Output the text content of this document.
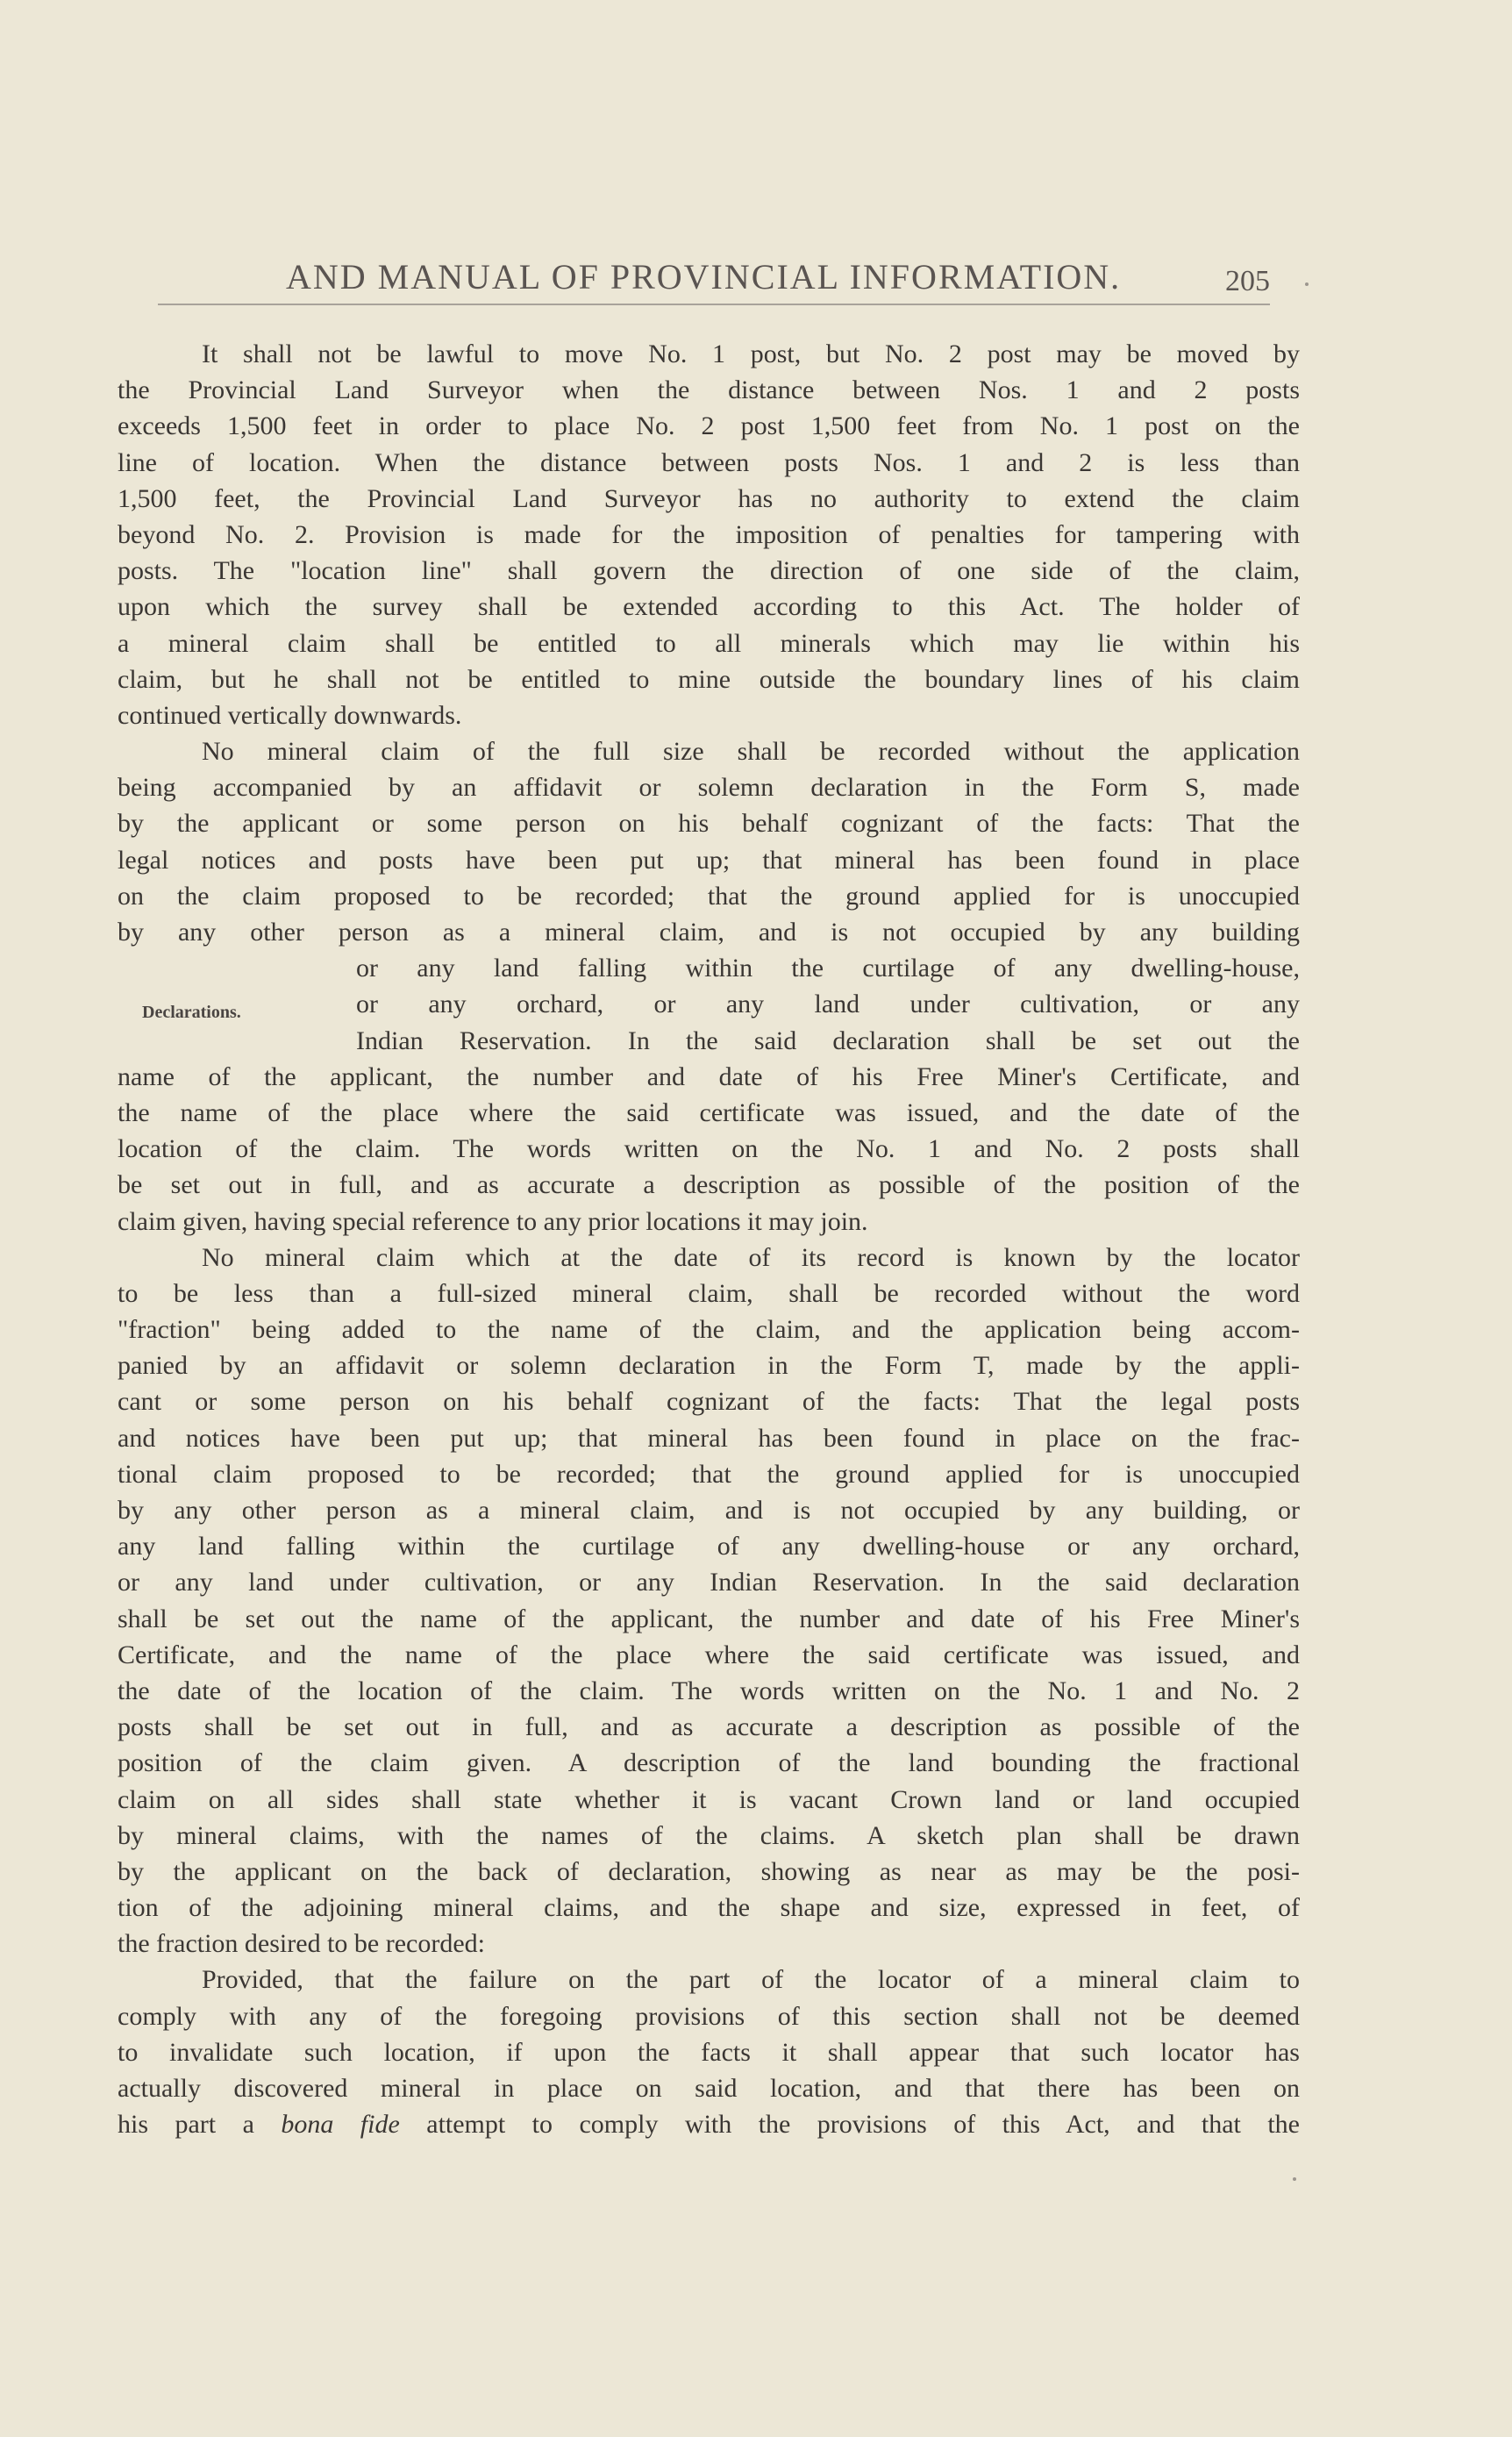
AND MANUAL OF PROVINCIAL INFORMATION.	205
Declarations.
It shall not be lawful to move No. 1 post, but No. 2 post may be moved by
the Provincial Land Surveyor when the distance between Nos. 1 and 2 posts
exceeds 1,500 feet in order to place No. 2 post 1,500 feet from No. 1 post on the
line of location. When the distance between posts Nos. 1 and 2 is less than
1,500 feet, the Provincial Land Surveyor has no authority to extend the claim
beyond No. 2. Provision is made for the imposition of penalties for tampering with
posts. The "location line" shall govern the direction of one side of the claim,
upon which the survey shall be extended according to this Act. The holder of
a mineral claim shall be entitled to all minerals which may lie within his
claim, but he shall not be entitled to mine outside the boundary lines of his claim
continued vertically downwards.
No mineral claim of the full size shall be recorded without the application
being accompanied by an affidavit or solemn declaration in the Form S, made
by the applicant or some person on his behalf cognizant of the facts: That the
legal notices and posts have been put up; that mineral has been found in place
on the claim proposed to be recorded; that the ground applied for is unoccupied
by any other person as a mineral claim, and is not occupied by any building
or any land falling within the curtilage of any dwelling-house,
or any orchard, or any land under cultivation, or any
Indian Reservation. In the said declaration shall be set out the
name of the applicant, the number and date of his Free Miner's Certificate, and
the name of the place where the said certificate was issued, and the date of the
location of the claim. The words written on the No. 1 and No. 2 posts shall
be set out in full, and as accurate a description as possible of the position of the
claim given, having special reference to any prior locations it may join.
No mineral claim which at the date of its record is known by the locator
to be less than a full-sized mineral claim, shall be recorded without the word
"fraction" being added to the name of the claim, and the application being accom-
panied by an affidavit or solemn declaration in the Form T, made by the appli-
cant or some person on his behalf cognizant of the facts: That the legal posts
and notices have been put up; that mineral has been found in place on the frac-
tional claim proposed to be recorded; that the ground applied for is unoccupied
by any other person as a mineral claim, and is not occupied by any building, or
any land falling within the curtilage of any dwelling-house or any orchard,
or any land under cultivation, or any Indian Reservation. In the said declaration
shall be set out the name of the applicant, the number and date of his Free Miner's
Certificate, and the name of the place where the said certificate was issued, and
the date of the location of the claim. The words written on the No. 1 and No. 2
posts shall be set out in full, and as accurate a description as possible of the
position of the claim given. A description of the land bounding the fractional
claim on all sides shall state whether it is vacant Crown land or land occupied
by mineral claims, with the names of the claims. A sketch plan shall be drawn
by the applicant on the back of declaration, showing as near as may be the posi-
tion of the adjoining mineral claims, and the shape and size, expressed in feet, of
the fraction desired to be recorded:
Provided, that the failure on the part of the locator of a mineral claim to
comply with any of the foregoing provisions of this section shall not be deemed
to invalidate such location, if upon the facts it shall appear that such locator has
actually discovered mineral in place on said location, and that there has been on
his part a bona fide attempt to comply with the provisions of this Act, and that the
